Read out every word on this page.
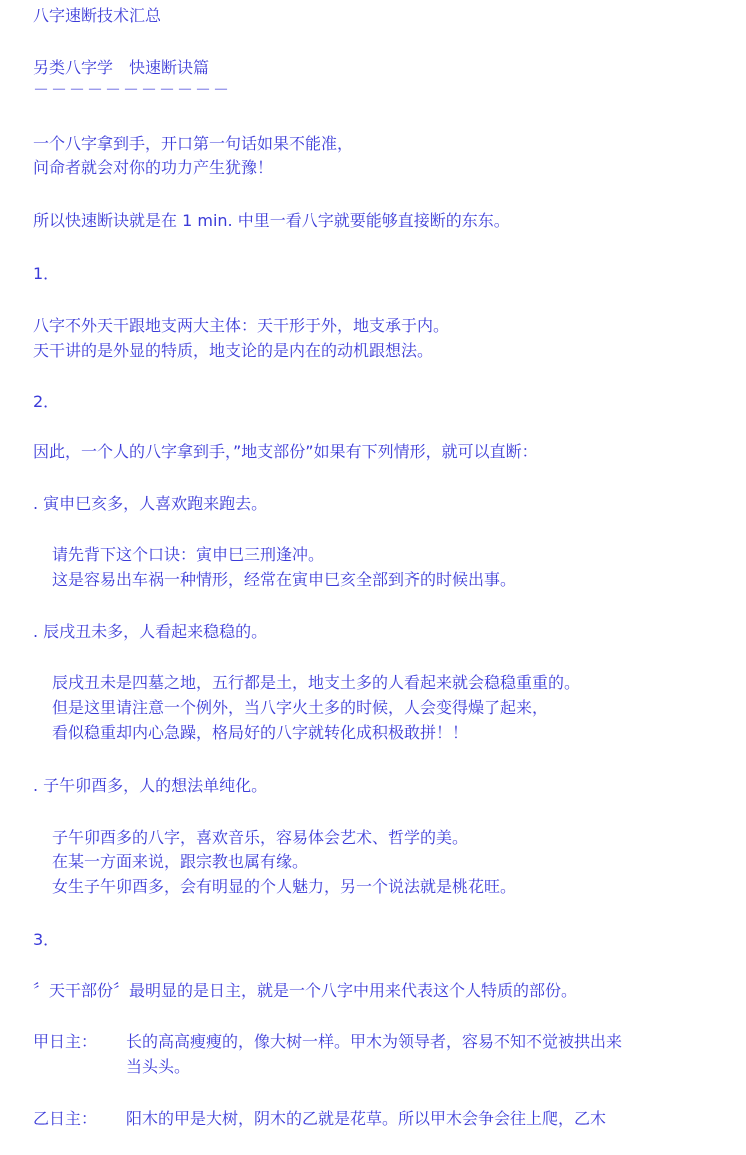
八字速断技术汇总
另类八字学　快速断诀篇
－－－－－－－－－－－
一个八字拿到手，开口第一句话如果不能准，
问命者就会对你的功力产生犹豫！
所以快速断诀就是在 1 min. 中里一看八字就要能够直接断的东东。
1．
八字不外天干跟地支两大主体：天干形于外，地支承于内。
天干讲的是外显的特质，地支论的是内在的动机跟想法。
2．
因此，一个人的八字拿到手，”地支部份”如果有下列情形，就可以直断：
. 寅申巳亥多，人喜欢跑来跑去。
请先背下这个口诀：寅申巳三刑逢冲。
这是容易出车祸一种情形，经常在寅申巳亥全部到齐的时候出事。
. 辰戌丑未多，人看起来稳稳的。
辰戌丑未是四墓之地，五行都是土，地支土多的人看起来就会稳稳重重的。
但是这里请注意一个例外，当八字火土多的时候，人会变得燥了起来，
看似稳重却内心急躁，格局好的八字就转化成积极敢拼！！
. 子午卯酉多，人的想法单纯化。
子午卯酉多的八字，喜欢音乐，容易体会艺术、哲学的美。
在某一方面来说，跟宗教也属有缘。
女生子午卯酉多，会有明显的个人魅力，另一个说法就是桃花旺。
3．
〞天干部份〞最明显的是日主，就是一个八字中用来代表这个人特质的部份。
甲日主： 长的高高瘦瘦的，像大树一样。甲木为领导者，容易不知不觉被拱出来
当头头。
乙日主： 阳木的甲是大树，阴木的乙就是花草。所以甲木会争会往上爬，乙木
